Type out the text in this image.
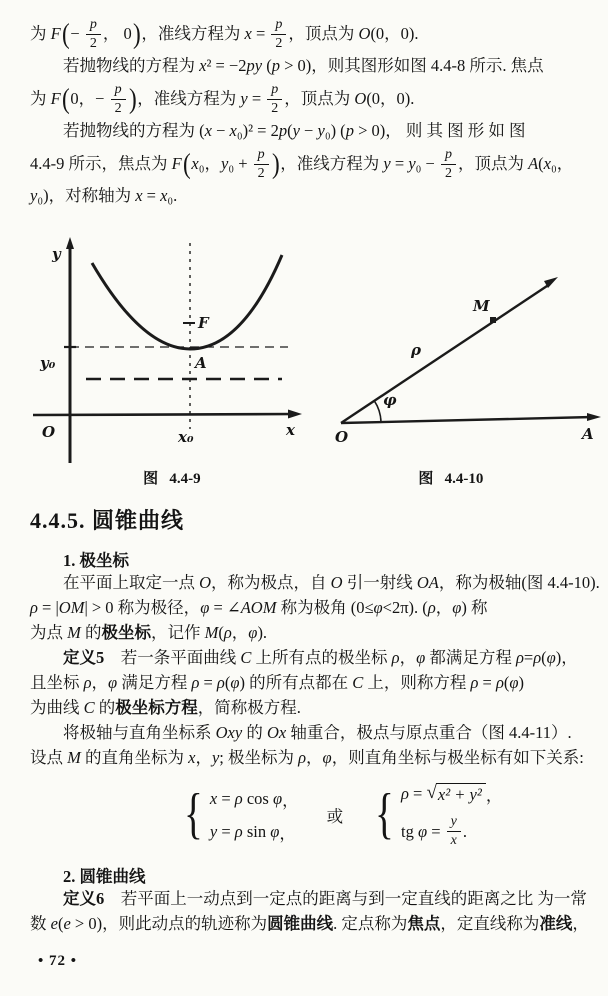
为 F ( − $\frac{p}{2}$ ， 0 ) ，准线方程为 $x = \frac{p}{2}$ ，顶点为 O (0，0).
若抛物线的方程为 x ² = −2 py ( p > 0)，则其图形如图 4.4-8 所示. 焦点
为 F ( 0，− $\frac{p}{2}$ ) ，准线方程为 $y = \frac{p}{2}$ ，顶点为 O (0，0).
若抛物线的方程为 ( x − x ₀)² = 2 p ( y − y ₀) ( p > 0)， 则 其 图 形 如 图
4.4-9 所示，焦点为 F ( x ₀， y $_0 + \frac{p}{2}$ ) ，准线方程为 y = y $_0 - \frac{p}{2}$ ，顶点为 A ( x ₀，
y ₀)，对称轴为 x = x ₀.
y
y₀
O	x₀	x
F
A
O	A
M
ρ
φ
图   4.4-9	图   4.4-10
4.4.5. 圆锥曲线
1. 极坐标
在平面上取定一点 O ，称为极点，自 O 引一射线 OA ，称为极轴(图 4.4-10).
ρ = | OM | > 0 称为极径， φ = ∠ AOM 称为极角 (0≤ φ <2π). ( ρ ， φ ) 称
为点 M 的 极坐标 ，记作 M ( ρ ， φ ).
定义5 　若一条平面曲线 C 上所有点的极坐标 ρ ， φ 都满足方程 ρ = ρ ( φ )，
且坐标 ρ ， φ 满足方程 ρ = ρ ( φ ) 的所有点都在 C 上，则称方程 ρ = ρ ( φ )
为曲线 C 的 极坐标方程 ，简称极方程.
将极轴与直角坐标系 Oxy 的 Ox 轴重合，极点与原点重合（图 4.4-11）.
设点 M 的直角坐标为 x ， y ; 极坐标为 ρ ， φ ，则直角坐标与极坐标有如下关系:
{ x = ρ cos φ ，
y = ρ sin φ ，
或 { ρ = √ x² + y² ，
tg $\varphi = \frac{y}{x}$ .
2. 圆锥曲线
定义6 　若平面上一动点到一定点的距离与到一定直线的距离之比 为一常
数 e ( e > 0)，则此动点的轨迹称为 圆锥曲线 . 定点称为 焦点 ，定直线称为 准线 ，
• 72 •
